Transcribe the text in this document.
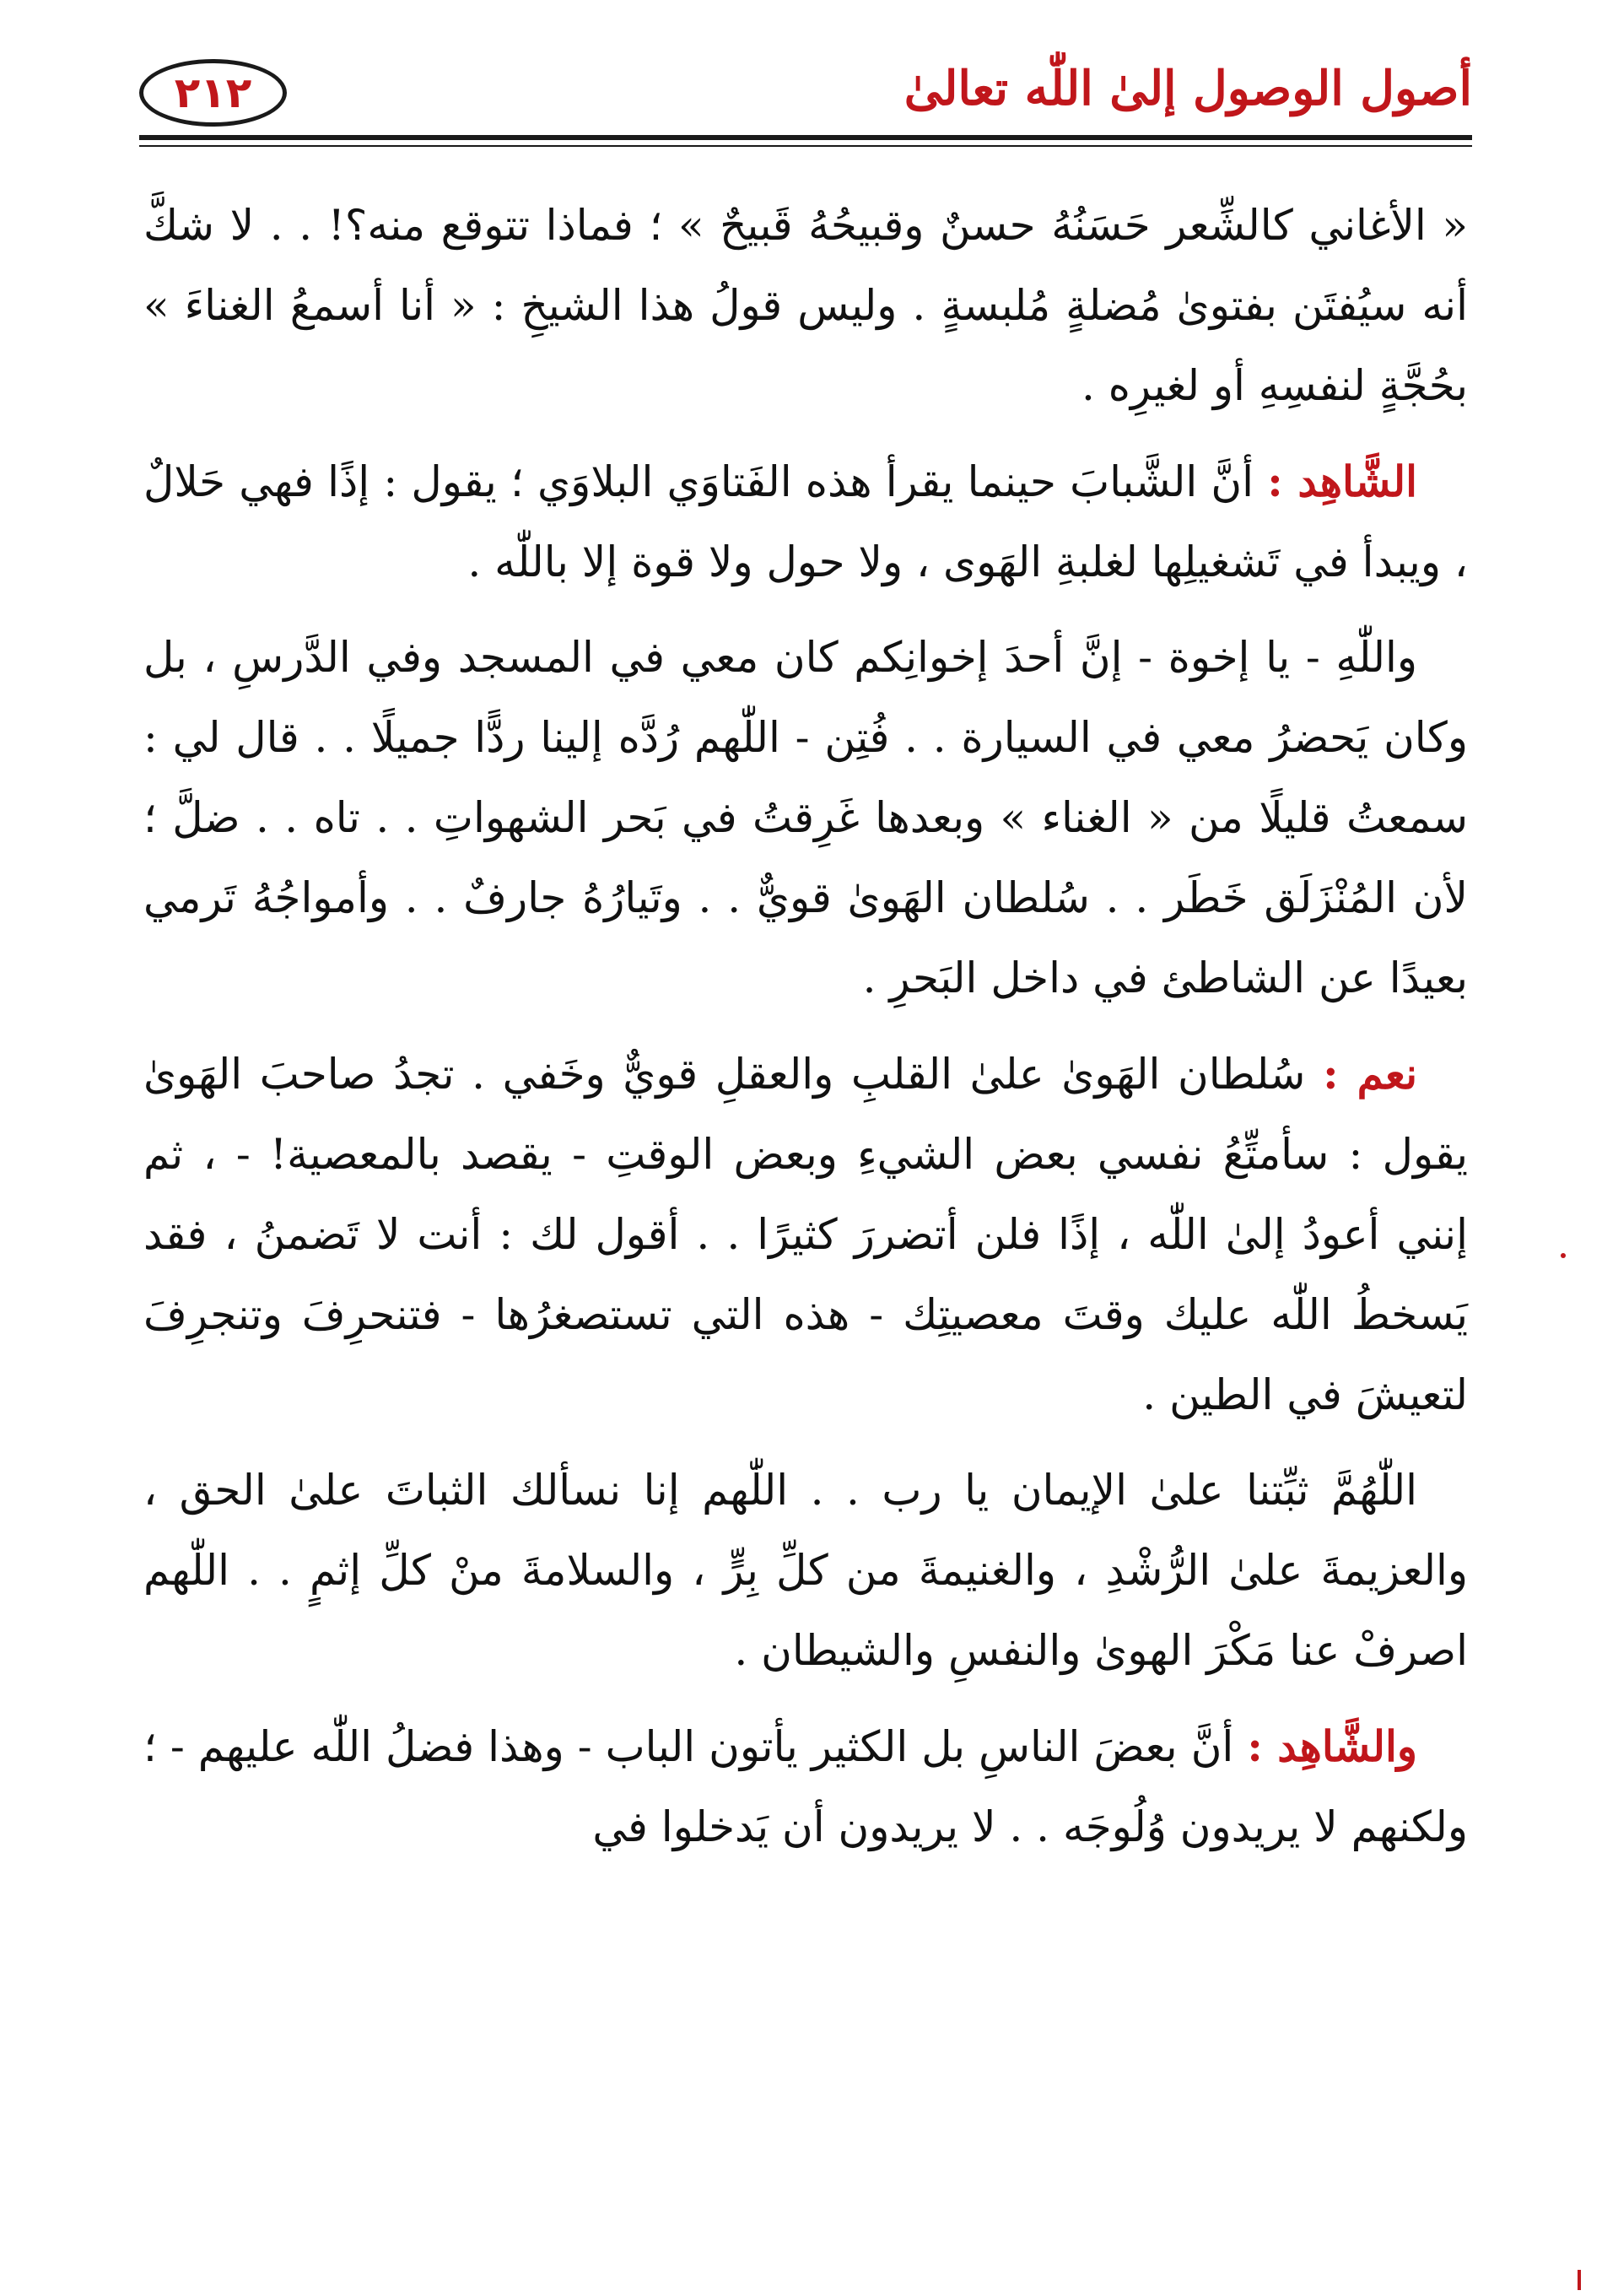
أصول الوصول إلىٰ اللّٰه تعالىٰ
٢١٢

« الأغاني كالشِّعر حَسَنُهُ حسنٌ وقبيحُهُ قَبيحٌ » ؛ فماذا تتوقع منه؟! . . لا شكَّ أنه سيُفتَن بفتوىٰ مُضلةٍ مُلبسةٍ . وليس قولُ هذا الشيخِ : « أنا أسمعُ الغناءَ » بحُجَّةٍ لنفسِهِ أو لغيرِه .

الشَّاهِد : أنَّ الشَّبابَ حينما يقرأ هذه الفَتاوَي البلاوَي ؛ يقول : إذًا فهي حَلالٌ ، ويبدأ في تَشغيلِها لغلبةِ الهَوى ، ولا حول ولا قوة إلا باللّٰه .

واللّٰهِ - يا إخوة - إنَّ أحدَ إخوانِكم كان معي في المسجد وفي الدَّرسِ ، بل وكان يَحضرُ معي في السيارة . . فُتِن - اللّٰهم رُدَّه إلينا ردًّا جميلًا . . قال لي : سمعتُ قليلًا من « الغناء » وبعدها غَرِقتُ في بَحر الشهواتِ . . تاه . . ضلَّ ؛ لأن المُنْزَلَق خَطَر . . سُلطان الهَوىٰ قويٌّ . . وتَيارُهُ جارفٌ . . وأمواجُهُ تَرمي بعيدًا عن الشاطئ في داخل البَحرِ .

نعم : سُلطان الهَوىٰ علىٰ القلبِ والعقلِ قويٌّ وخَفي . تجدُ صاحبَ الهَوىٰ يقول : سأمتِّعُ نفسي بعض الشيءِ وبعض الوقتِ - يقصد بالمعصية! - ، ثم إنني أعودُ إلىٰ اللّٰه ، إذًا فلن أتضررَ كثيرًا . . أقول لك : أنت لا تَضمنُ ، فقد يَسخطُ اللّٰه عليك وقتَ معصيتِك - هذه التي تستصغرُها - فتنحرِفَ وتنجرِفَ لتعيشَ في الطين .

اللّٰهُمَّ ثبِّتنا علىٰ الإيمان يا رب . . اللّٰهم إنا نسألك الثباتَ علىٰ الحق ، والعزيمةَ علىٰ الرُّشْدِ ، والغنيمةَ من كلِّ بِرٍّ ، والسلامةَ منْ كلِّ إثمٍ . . اللّٰهم اصرفْ عنا مَكْرَ الهوىٰ والنفسِ والشيطان .

والشَّاهِد : أنَّ بعضَ الناسِ بل الكثير يأتون الباب - وهذا فضلُ اللّٰه عليهم - ؛ ولكنهم لا يريدون وُلُوجَه . . لا يريدون أن يَدخلوا في
